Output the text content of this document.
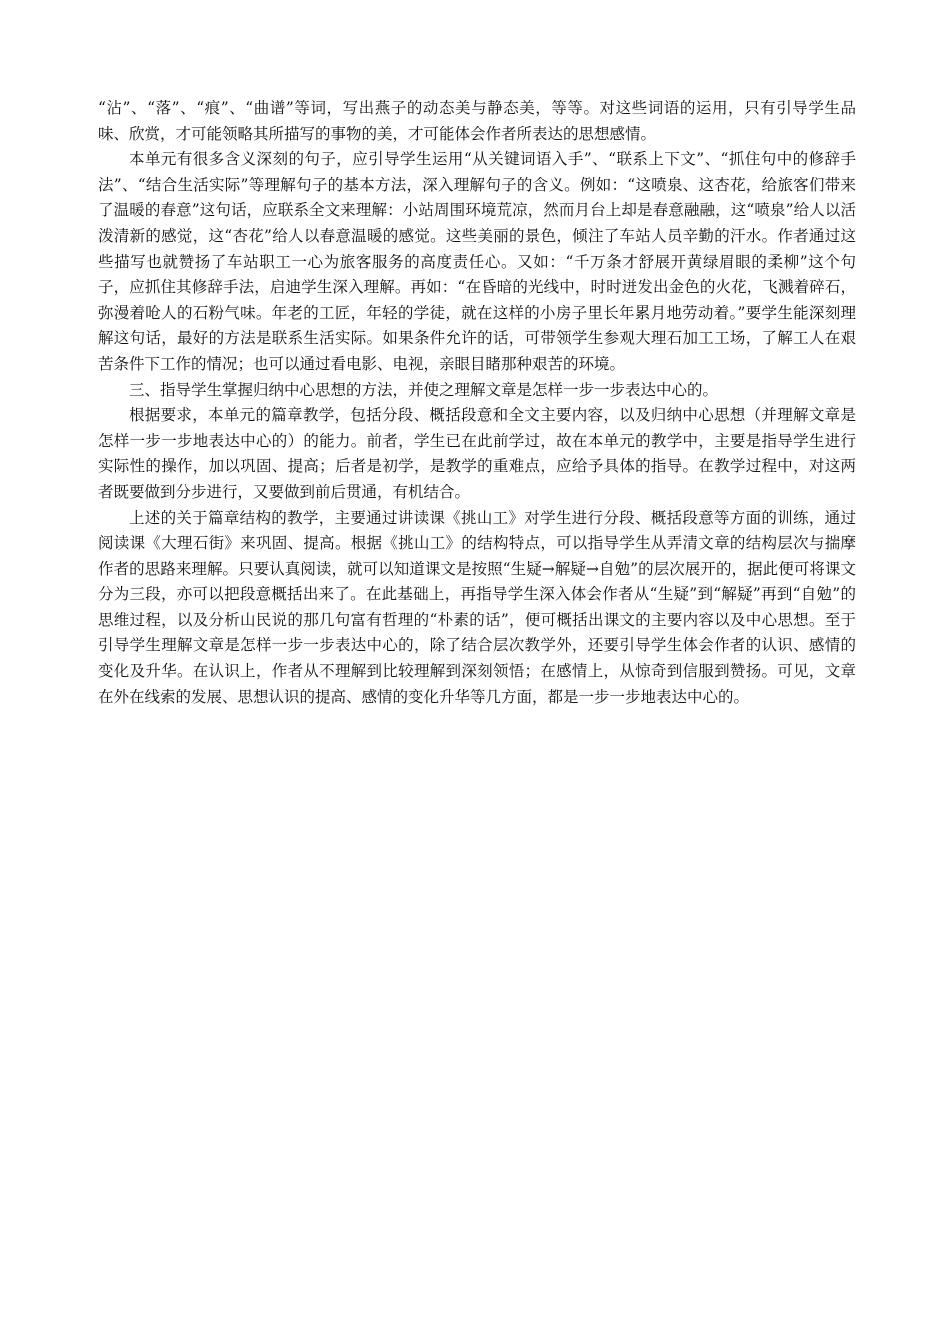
“沾”、“落”、“痕”、“曲谱”等词，写出燕子的动态美与静态美，等等。对这些词语的运用，只有引导学生品味、欣赏，才可能领略其所描写的事物的美，才可能体会作者所表达的思想感情。

本单元有很多含义深刻的句子，应引导学生运用“从关键词语入手”、“联系上下文”、“抓住句中的修辞手法”、“结合生活实际”等理解句子的基本方法，深入理解句子的含义。例如：“这喷泉、这杏花，给旅客们带来了温暖的春意”这句话，应联系全文来理解：小站周围环境荒凉，然而月台上却是春意融融，这“喷泉”给人以活泼清新的感觉，这“杏花”给人以春意温暖的感觉。这些美丽的景色，倾注了车站人员辛勤的汗水。作者通过这些描写也就赞扬了车站职工一心为旅客服务的高度责任心。又如：“千万条才舒展开黄绿眉眼的柔柳”这个句子，应抓住其修辞手法，启迪学生深入理解。再如：“在昏暗的光线中，时时迸发出金色的火花，飞溅着碎石，弥漫着呛人的石粉气味。年老的工匠，年轻的学徒，就在这样的小房子里长年累月地劳动着。”要学生能深刻理解这句话，最好的方法是联系生活实际。如果条件允许的话，可带领学生参观大理石加工工场，了解工人在艰苦条件下工作的情况；也可以通过看电影、电视，亲眼目睹那种艰苦的环境。

三、指导学生掌握归纳中心思想的方法，并使之理解文章是怎样一步一步表达中心的。

根据要求，本单元的篇章教学，包括分段、概括段意和全文主要内容，以及归纳中心思想（并理解文章是怎样一步一步地表达中心的）的能力。前者，学生已在此前学过，故在本单元的教学中，主要是指导学生进行实际性的操作，加以巩固、提高；后者是初学，是教学的重难点，应给予具体的指导。在教学过程中，对这两者既要做到分步进行，又要做到前后贯通，有机结合。

上述的关于篇章结构的教学，主要通过讲读课《挑山工》对学生进行分段、概括段意等方面的训练，通过阅读课《大理石街》来巩固、提高。根据《挑山工》的结构特点，可以指导学生从弄清文章的结构层次与揣摩作者的思路来理解。只要认真阅读，就可以知道课文是按照“生疑→解疑→自勉”的层次展开的，据此便可将课文分为三段，亦可以把段意概括出来了。在此基础上，再指导学生深入体会作者从“生疑”到“解疑”再到“自勉”的思维过程，以及分析山民说的那几句富有哲理的“朴素的话”，便可概括出课文的主要内容以及中心思想。至于引导学生理解文章是怎样一步一步表达中心的，除了结合层次教学外，还要引导学生体会作者的认识、感情的变化及升华。在认识上，作者从不理解到比较理解到深刻领悟；在感情上，从惊奇到信服到赞扬。可见，文章在外在线索的发展、思想认识的提高、感情的变化升华等几方面，都是一步一步地表达中心的。
